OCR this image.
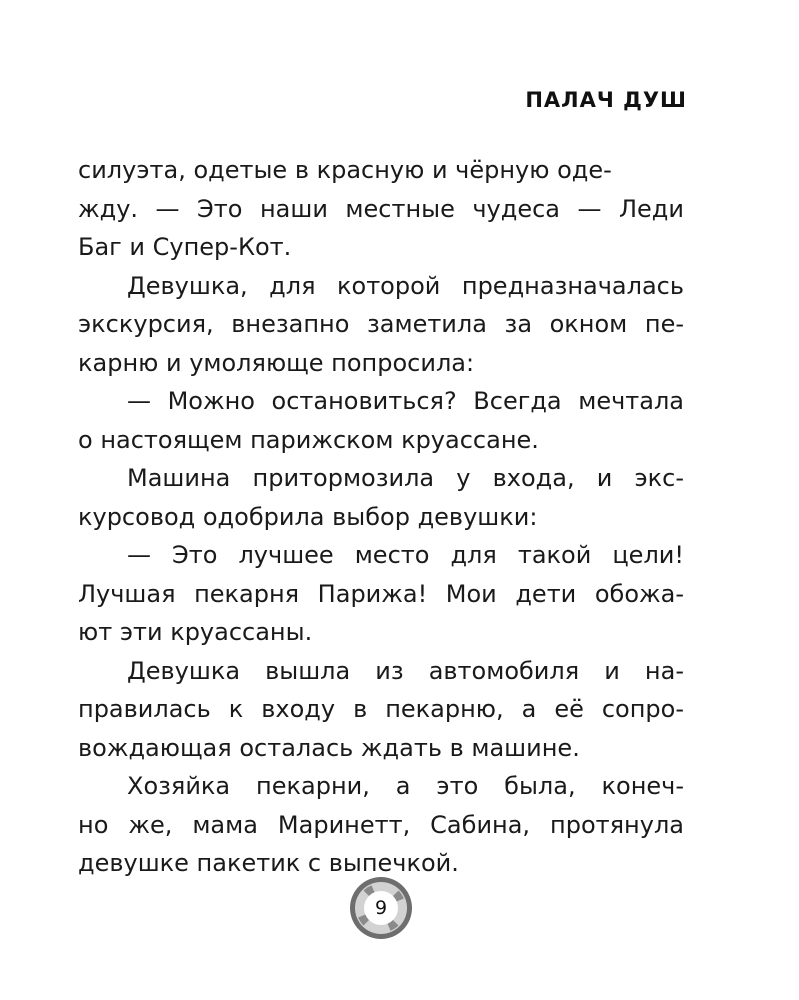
ПАЛАЧ ДУШ
силуэта, одетые в красную и чёрную оде-
жду. — Это наши местные чудеса — Леди
Баг и Супер-Кот.
Девушка, для которой предназначалась
экскурсия, внезапно заметила за окном пе-
карню и умоляюще попросила:
— Можно остановиться? Всегда мечтала
о настоящем парижском круассане.
Машина притормозила у входа, и экс-
курсовод одобрила выбор девушки:
— Это лучшее место для такой цели!
Лучшая пекарня Парижа! Мои дети обожа-
ют эти круассаны.
Девушка вышла из автомобиля и на-
правилась к входу в пекарню, а её сопро-
вождающая осталась ждать в машине.
Хозяйка пекарни, а это была, конеч-
но же, мама Маринетт, Сабина, протянула
девушке пакетик с выпечкой.
9
